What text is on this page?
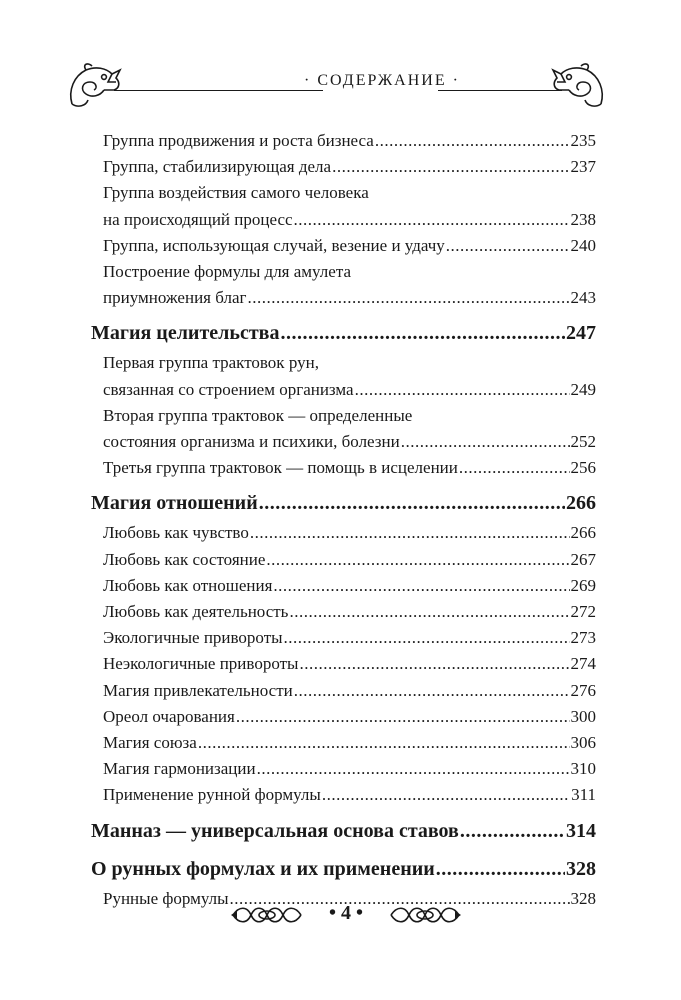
· СОДЕРЖАНИЕ ·
Группа продвижения и роста бизнеса .....	235
Группа, стабилизирующая дела .....	237
Группа воздействия самого человека
на происходящий процесс .....	238
Группа, использующая случай, везение и удачу .....	240
Построение формулы для амулета
приумножения благ .....	243
Магия целительства .....	247
Первая группа трактовок рун,
связанная со строением организма .....	249
Вторая группа трактовок — определенные
состояния организма и психики, болезни .....	252
Третья группа трактовок — помощь в исцелении .....	256
Магия отношений .....	266
Любовь как чувство .....	266
Любовь как состояние .....	267
Любовь как отношения .....	269
Любовь как деятельность .....	272
Экологичные привороты .....	273
Неэкологичные привороты .....	274
Магия привлекательности .....	276
Ореол очарования .....	300
Магия союза .....	306
Магия гармонизации .....	310
Применение рунной формулы .....	311
Манназ — универсальная основа ставов .....	314
О рунных формулах и их применении .....	328
Рунные формулы .....	328
• 4 •
